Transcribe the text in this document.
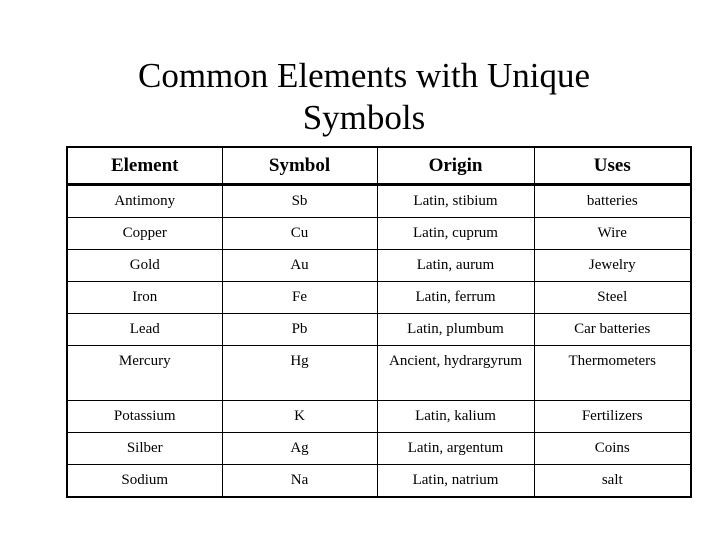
Common Elements with Unique
Symbols
Element	Symbol	Origin	Uses
Antimony	Sb	Latin, stibium	batteries
Copper	Cu	Latin, cuprum	Wire
Gold	Au	Latin, aurum	Jewelry
Iron	Fe	Latin, ferrum	Steel
Lead	Pb	Latin, plumbum	Car batteries
Mercury	Hg	Ancient, hydrargyrum	Thermometers
Potassium	K	Latin, kalium	Fertilizers
Silber	Ag	Latin, argentum	Coins
Sodium	Na	Latin, natrium	salt
